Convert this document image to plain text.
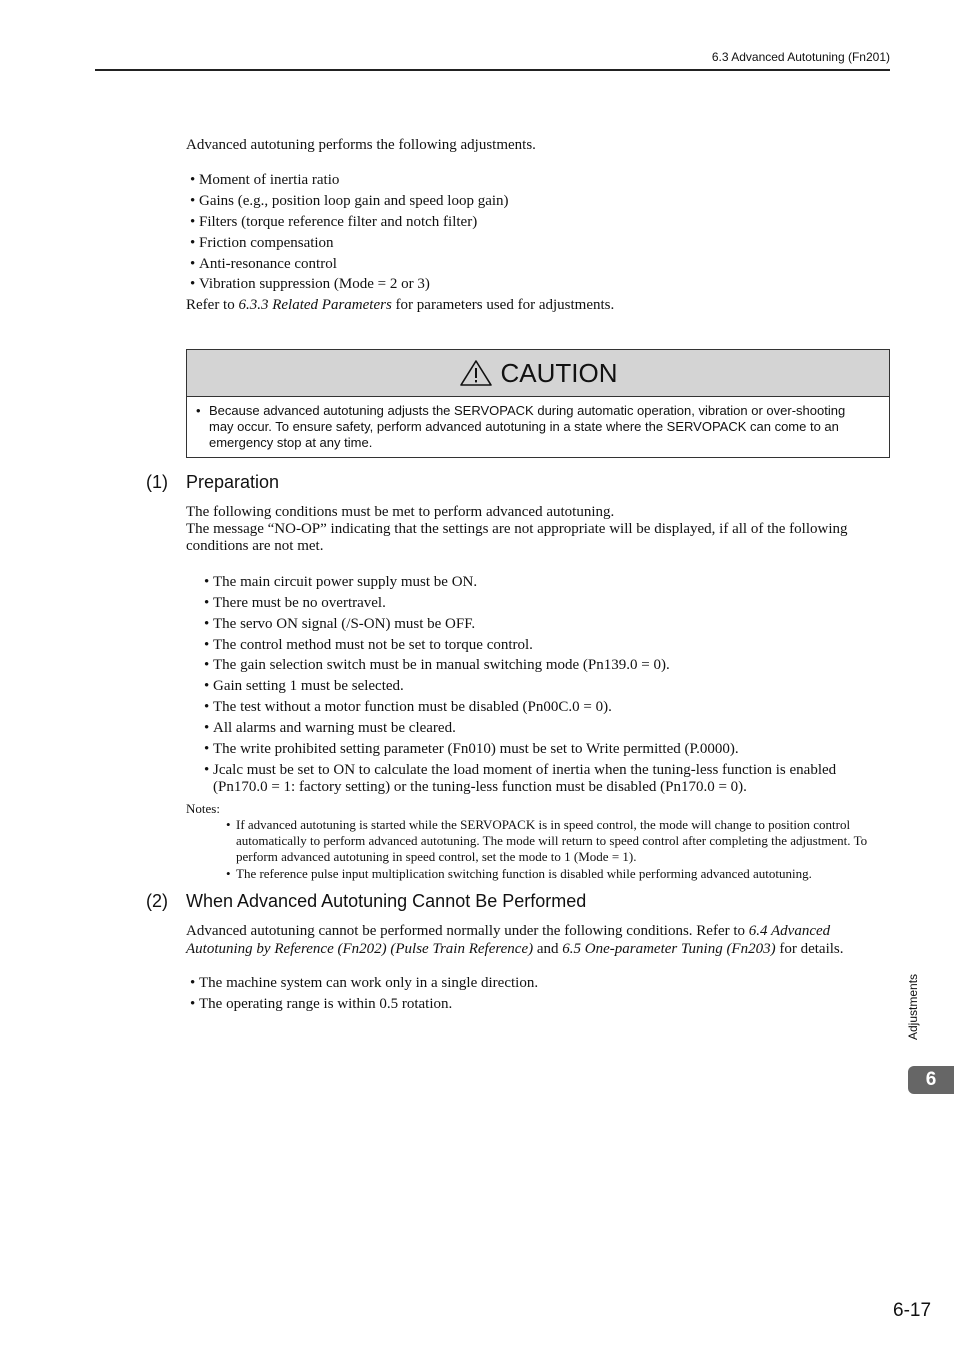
6.3 Advanced Autotuning (Fn201)

Advanced autotuning performs the following adjustments.

• Moment of inertia ratio
• Gains (e.g., position loop gain and speed loop gain)
• Filters (torque reference filter and notch filter)
• Friction compensation
• Anti-resonance control
• Vibration suppression (Mode = 2 or 3)

Refer to 6.3.3 Related Parameters for parameters used for adjustments.

CAUTION
• Because advanced autotuning adjusts the SERVOPACK during automatic operation, vibration or over-shooting may occur. To ensure safety, perform advanced autotuning in a state where the SERVOPACK can come to an emergency stop at any time.
(1) Preparation

The following conditions must be met to perform advanced autotuning.

The message “NO-OP” indicating that the settings are not appropriate will be displayed, if all of the following conditions are not met.

• The main circuit power supply must be ON.
• There must be no overtravel.
• The servo ON signal (/S-ON) must be OFF.
• The control method must not be set to torque control.
• The gain selection switch must be in manual switching mode (Pn139.0 = 0).
• Gain setting 1 must be selected.
• The test without a motor function must be disabled (Pn00C.0 = 0).
• All alarms and warning must be cleared.
• The write prohibited setting parameter (Fn010) must be set to Write permitted (P.0000).
• Jcalc must be set to ON to calculate the load moment of inertia when the tuning-less function is enabled
(Pn170.0 = 1: factory setting) or the tuning-less function must be disabled (Pn170.0 = 0).
Notes:
• If advanced autotuning is started while the SERVOPACK is in speed control, the mode will change to position control automatically to perform advanced autotuning. The mode will return to speed control after completing the adjustment. To perform advanced autotuning in speed control, set the mode to 1 (Mode = 1).
• The reference pulse input multiplication switching function is disabled while performing advanced autotuning.
(2) When Advanced Autotuning Cannot Be Performed

Advanced autotuning cannot be performed normally under the following conditions. Refer to 6.4 Advanced Autotuning by Reference (Fn202) (Pulse Train Reference) and 6.5 One-parameter Tuning (Fn203) for details.

• The machine system can work only in a single direction.
• The operating range is within 0.5 rotation.	Adjustments
6
6-17
